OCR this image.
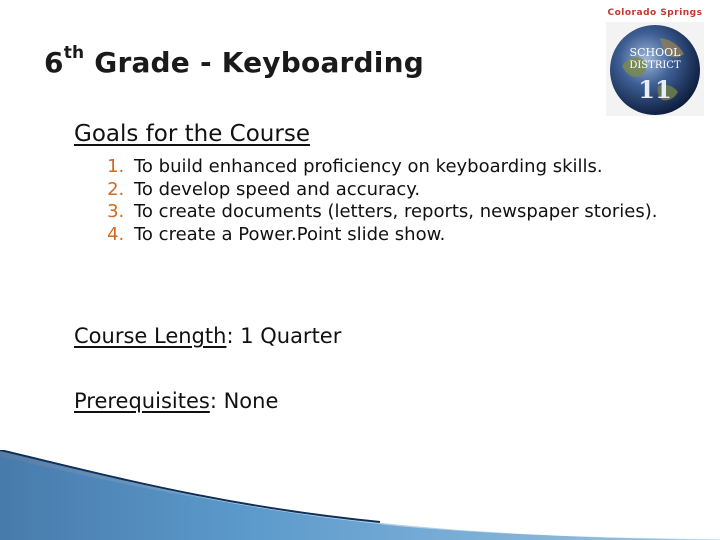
6th Grade - Keyboarding
Colorado Springs
SCHOOL
DISTRICT
11
Goals for the Course
1. To build enhanced proficiency on keyboarding skills.
2. To develop speed and accuracy.
3. To create documents (letters, reports, newspaper stories).
4. To create a Power.Point slide show.
Course Length: 1 Quarter
Prerequisites: None
